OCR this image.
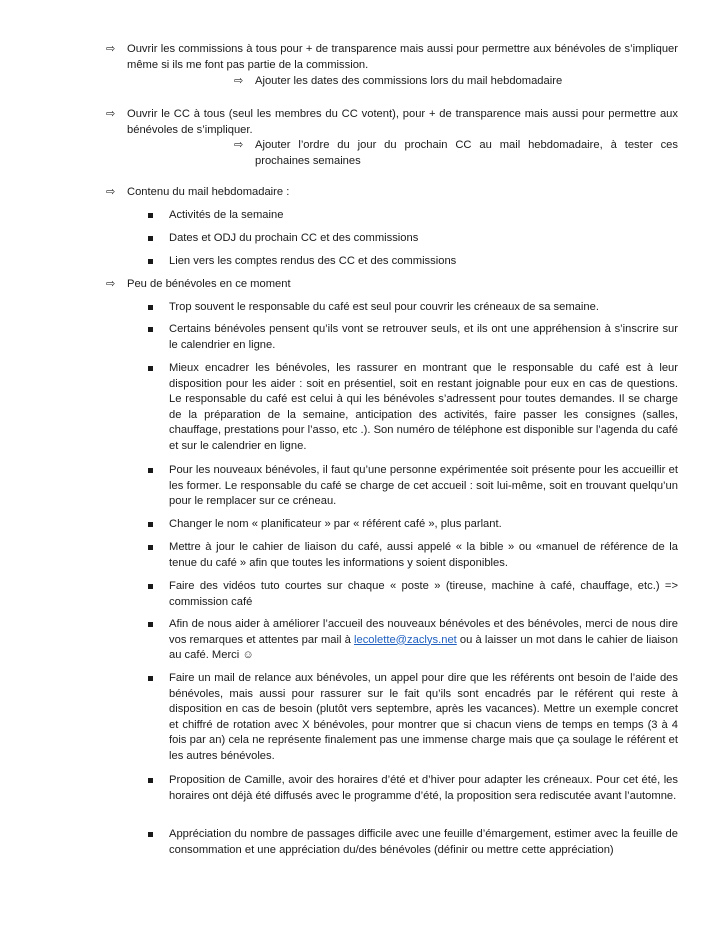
⇨	Ouvrir les commissions à tous pour + de transparence mais aussi pour permettre aux bénévoles de s’impliquer même si ils me font pas partie de la commission.
⇨ Ajouter les dates des commissions lors du mail hebdomadaire
⇨	Ouvrir le CC à tous (seul les membres du CC votent), pour + de transparence mais aussi pour permettre aux bénévoles de s’impliquer.
⇨ Ajouter l’ordre du jour du prochain CC au mail hebdomadaire, à tester ces prochaines semaines
⇨	Contenu du mail hebdomadaire :
Activités de la semaine
Dates et ODJ du prochain CC et des commissions
Lien vers les comptes rendus des CC et des commissions
⇨	Peu de bénévoles en ce moment
Trop souvent le responsable du café est seul pour couvrir les créneaux de sa semaine.
Certains bénévoles pensent qu’ils vont se retrouver seuls, et ils ont une appréhension à s’inscrire sur le calendrier en ligne.
Mieux encadrer les bénévoles, les rassurer en montrant que le responsable du café est à leur disposition pour les aider : soit en présentiel, soit en restant joignable pour eux en cas de questions. Le responsable du café est celui à qui les bénévoles s’adressent pour toutes demandes. Il se charge de la préparation de la semaine, anticipation des activités, faire passer les consignes (salles, chauffage, prestations pour l’asso, etc .). Son numéro de téléphone est disponible sur l’agenda du café et sur le calendrier en ligne.
Pour les nouveaux bénévoles, il faut qu’une personne expérimentée soit présente pour les accueillir et les former. Le responsable du café se charge de cet accueil : soit lui-même, soit en trouvant quelqu’un pour le remplacer sur ce créneau.
Changer le nom « planificateur » par « référent café », plus parlant.
Mettre à jour le cahier de liaison du café, aussi appelé « la bible » ou «manuel de référence de la tenue du café » afin que toutes les informations y soient disponibles.
Faire des vidéos tuto courtes sur chaque « poste » (tireuse, machine à café, chauffage, etc.) => commission café
Afin de nous aider à améliorer l’accueil des nouveaux bénévoles et des bénévoles, merci de nous dire vos remarques et attentes par mail à lecolette@zaclys.net ou à laisser un mot dans le cahier de liaison au café. Merci ☺
Faire un mail de relance aux bénévoles, un appel pour dire que les référents ont besoin de l’aide des bénévoles, mais aussi pour rassurer sur le fait qu’ils sont encadrés par le référent qui reste à disposition en cas de besoin (plutôt vers septembre, après les vacances). Mettre un exemple concret et chiffré de rotation avec X bénévoles, pour montrer que si chacun viens de temps en temps (3 à 4 fois par an) cela ne représente finalement pas une immense charge mais que ça soulage le référent et les autres bénévoles.
Proposition de Camille, avoir des horaires d’été et d’hiver pour adapter les créneaux. Pour cet été, les horaires ont déjà été diffusés avec le programme d’été, la proposition sera rediscutée avant l’automne.
Appréciation du nombre de passages difficile avec une feuille d’émargement, estimer avec la feuille de consommation et une appréciation du/des bénévoles (définir ou mettre cette appréciation)
